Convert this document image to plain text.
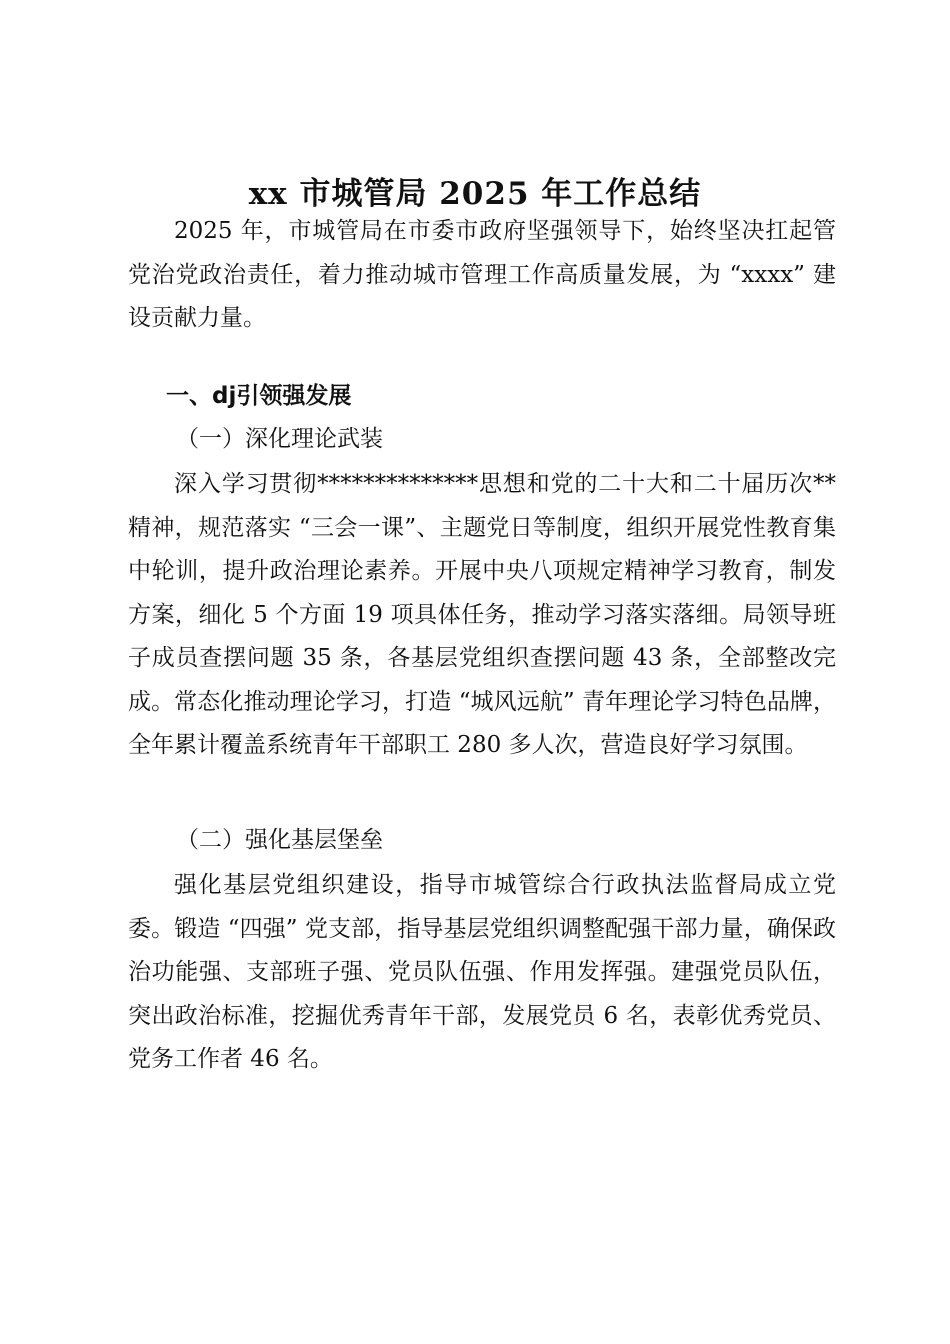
xx 市城管局 2025 年工作总结

2025 年，市城管局在市委市政府坚强领导下，始终坚决扛起管党治党政治责任，着力推动城市管理工作高质量发展，为 “xxxx” 建设贡献力量。

一、dj引领强发展
（一）深化理论武装

深入学习贯彻**************思想和党的二十大和二十届历次**精神，规范落实 “三会一课”、主题党日等制度，组织开展党性教育集中轮训，提升政治理论素养。开展中央八项规定精神学习教育，制发方案，细化 5 个方面 19 项具体任务，推动学习落实落细。局领导班子成员查摆问题 35 条，各基层党组织查摆问题 43 条，全部整改完成。常态化推动理论学习，打造 “城风远航” 青年理论学习特色品牌，全年累计覆盖系统青年干部职工 280 多人次，营造良好学习氛围。

（二）强化基层堡垒

强化基层党组织建设，指导市城管综合行政执法监督局成立党委。锻造 “四强” 党支部，指导基层党组织调整配强干部力量，确保政治功能强、支部班子强、党员队伍强、作用发挥强。建强党员队伍，突出政治标准，挖掘优秀青年干部，发展党员 6 名，表彰优秀党员、党务工作者 46 名。
